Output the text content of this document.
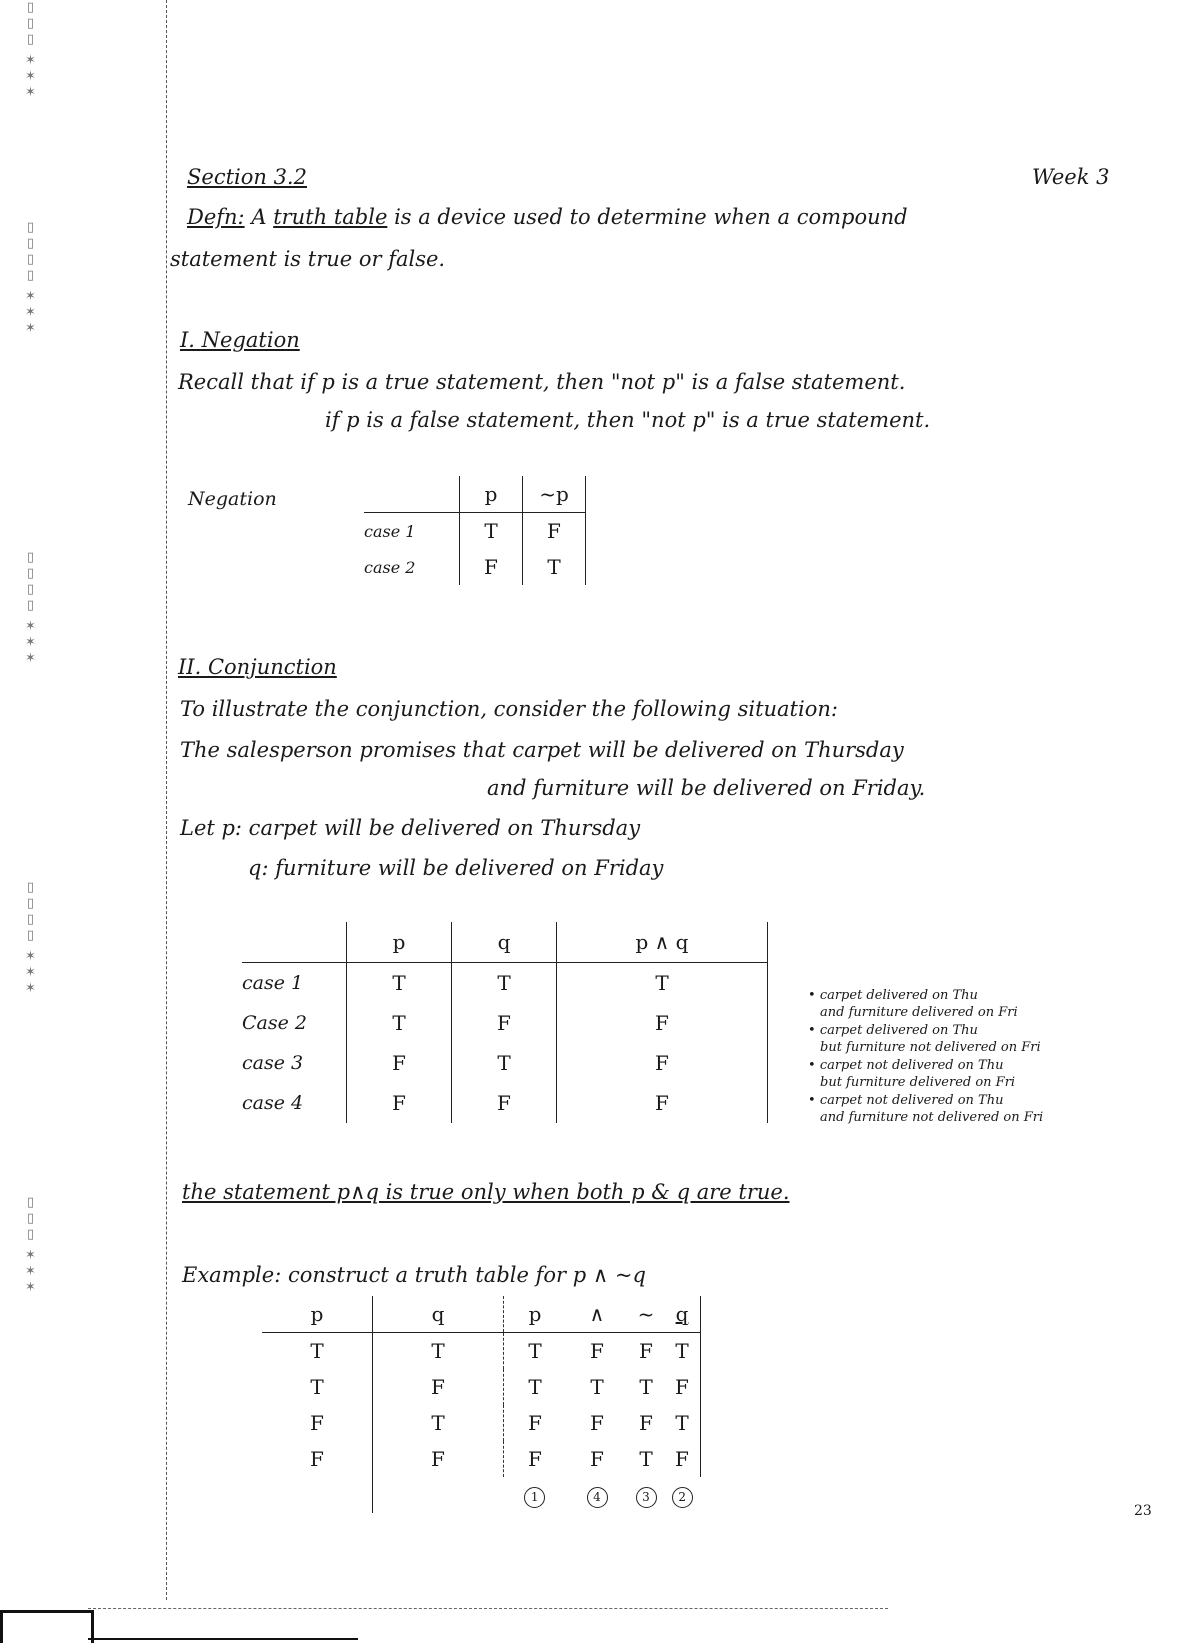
▯▯▯ ✶✶✶
▯▯▯▯ ✶✶✶
▯▯▯▯ ✶✶✶
▯▯▯▯ ✶✶✶
▯▯▯ ✶✶✶
Section 3.2	Week 3
Defn: A truth table is a device used to determine when a compound
statement is true or false.
I. Negation
Recall that if p is a true statement, then "not p" is a false statement.
if p is a false statement, then "not p" is a true statement.
Negation
		p	~p
case 1	T	F
case 2	F	T
II. Conjunction
To illustrate the conjunction, consider the following situation:
The salesperson promises that carpet will be delivered on Thursday
and furniture will be delivered on Friday.
Let p: carpet will be delivered on Thursday
q: furniture will be delivered on Friday
	p	q	p ∧ q
case 1	T	T	T
Case 2	T	F	F
case 3	F	T	F
case 4	F	F	F
• carpet delivered on Thu
and furniture delivered on Fri
• carpet delivered on Thu
but furniture not delivered on Fri
• carpet not delivered on Thu
but furniture delivered on Fri
• carpet not delivered on Thu
and furniture not delivered on Fri
the statement p∧q is true only when both p & q are true.
Example: construct a truth table for p ∧ ~q
p	q	p	∧	~	q
T	T	T	F	F	T
T	F	T	T	T	F
F	T	F	F	F	T
F	F	F	F	T	F
		1	4	3	2
23
